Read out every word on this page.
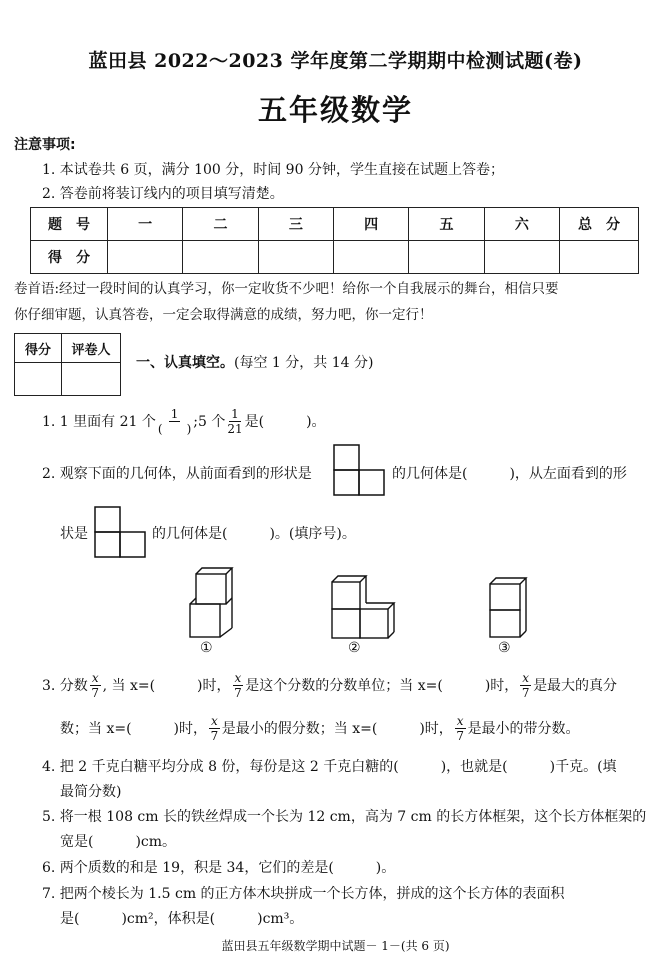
蓝田县 2022～2023 学年度第二学期期中检测试题(卷)
五年级数学
注意事项:
1. 本试卷共 6 页，满分 100 分，时间 90 分钟，学生直接在试题上答卷；
2. 答卷前将装订线内的项目填写清楚。
题　号	一	二	三	四	五	六	总　分
得　分							
卷首语:经过一段时间的认真学习，你一定收货不少吧！给你一个自我展示的舞台，相信只要
你仔细审题，认真答卷，一定会取得满意的成绩，努力吧，你一定行！
得分	评卷人

一、认真填空。(每空 1 分，共 14 分)
1. 1 里面有 21 个 $\frac{1}{( )}$ ;5 个 $\frac{1}{21}$ 是(　　　)。
2. 观察下面的几何体，从前面看到的形状是	的几何体是(　　　)，从左面看到的形
状是	的几何体是(　　　)。(填序号)。
①	②	③
3. 分数 $\frac{x}{7}$ , 当 x=(　　　)时， $\frac{x}{7}$ 是这个分数的分数单位；当 x=(　　　)时， $\frac{x}{7}$ 是最大的真分
数；当 x=(　　　)时， $\frac{x}{7}$ 是最小的假分数；当 x=(　　　)时， $\frac{x}{7}$ 是最小的带分数。
4. 把 2 千克白糖平均分成 8 份，每份是这 2 千克白糖的(　　　)，也就是(　　　)千克。(填
最简分数)
5. 将一根 108 cm 长的铁丝焊成一个长为 12 cm，高为 7 cm 的长方体框架，这个长方体框架的
宽是(　　　)cm。
6. 两个质数的和是 19，积是 34，它们的差是(　　　)。
7. 把两个棱长为 1.5 cm 的正方体木块拼成一个长方体，拼成的这个长方体的表面积
是(　　　)cm²，体积是(　　　)cm³。
蓝田县五年级数学期中试题－ 1－(共 6 页)
